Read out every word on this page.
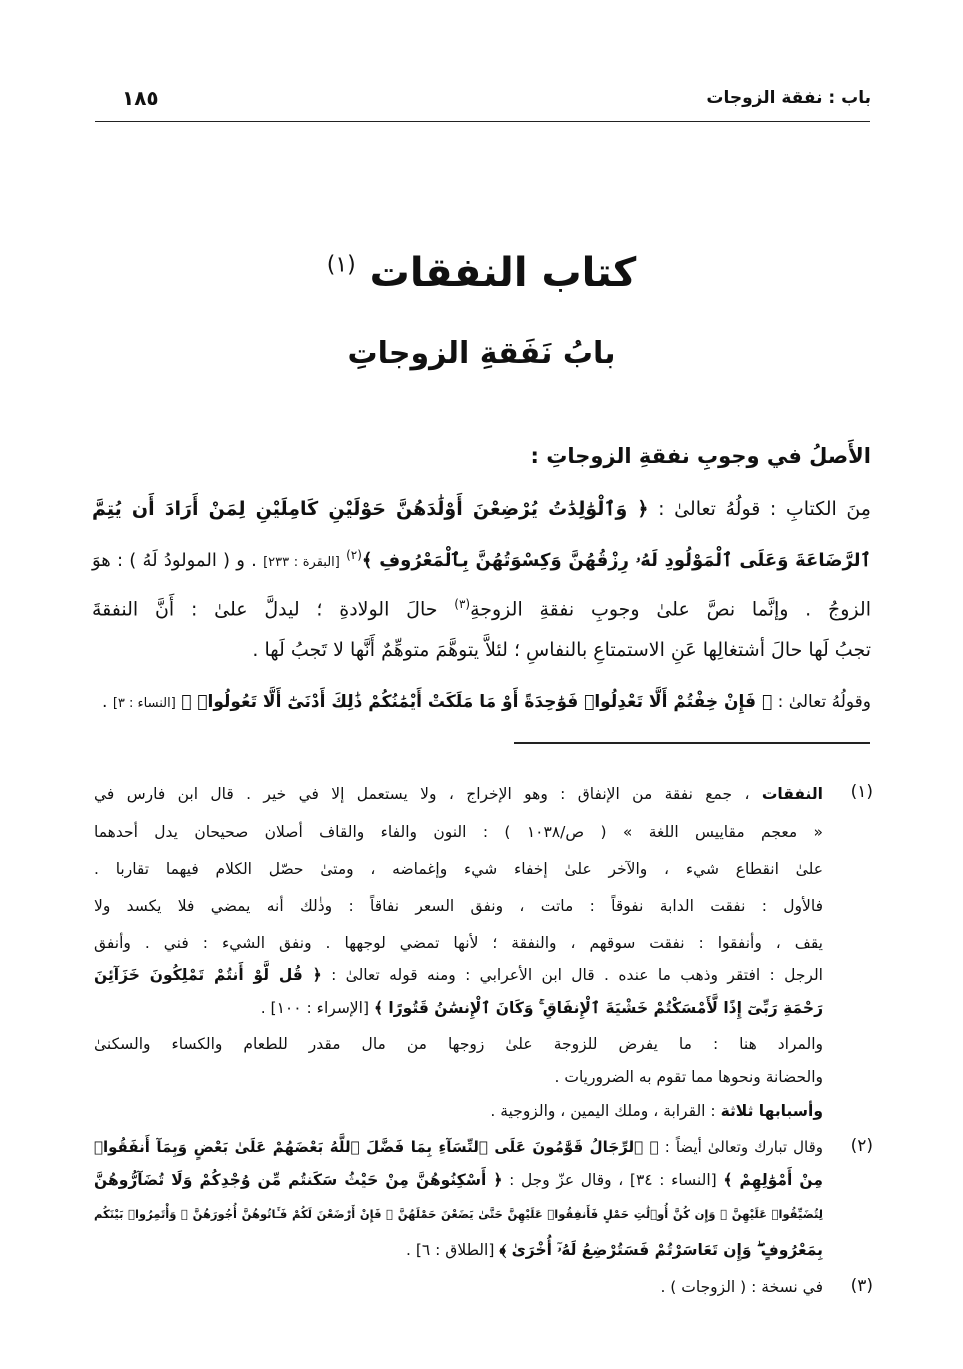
باب : نفقة الزوجات
١٨٥
كتاب النفقات $^{(١)}$
بابُ نَفَقةِ الزوجاتِ
الأَصلُ في وجوبِ نفقةِ الزوجاتِ :
مِنَ الكتابِ : قولُهُ تعالىٰ : ﴿ وَٱلْوَٰلِدَٰتُ يُرْضِعْنَ أَوْلَٰدَهُنَّ حَوْلَيْنِ كَامِلَيْنِ لِمَنْ أَرَادَ أَن يُتِمَّ
ٱلرَّضَاعَةَ وَعَلَى ٱلْمَوْلُودِ لَهُۥ رِزْقُهُنَّ وَكِسْوَتُهُنَّ بِٱلْمَعْرُوفِ ﴾$^{(٢)}$ [البقرة : ٢٣٣] . و ( المولودُ لَهُ ) : هوَ
الزوجُ . وإنَّما نصَّ علىٰ وجوبِ نفقةِ الزوجةِ$^{(٣)}$ حالَ الولادةِ ؛ ليدلَّ علىٰ : أَنَّ النفقةَ
تجبُ لَها حالَ أشتغالِها عَنِ الاستمتاعِ بالنفاسِ ؛ لئلاَّ يتوهَّمَ متوهِّمٌ أَنَّها لا تَجبُ لَها .
وقولُهُ تعالىٰ : ﴿ فَإِنْ خِفْتُمْ أَلَّا تَعْدِلُوا۟ فَوَٰحِدَةً أَوْ مَا مَلَكَتْ أَيْمَٰنُكُمْ ذَٰلِكَ أَدْنَىٰٓ أَلَّا تَعُولُوا۟ ﴾ [النساء : ٣] .
(١)
النفقات ، جمع نفقة من الإنفاق : وهو الإخراج ، ولا يستعمل إلا في خير . قال ابن فارس في
« معجم مقاييس اللغة » ( ص/١٠٣٨ ) : النون والفاء والقاف أصلان صحيحان يدل أحدهما
علىٰ انقطاع شيء ، والآخر علىٰ إخفاء شيء وإغماضه ، ومتىٰ حصّل الكلام فيهما تقاربا .
فالأول : نفقت الدابة نفوقاً : ماتت ، ونفق السعر نفاقاً : وذٰلك أنه يمضي فلا يكسد ولا
يقف ، وأنفقوا : نفقت سوقهم ، والنفقة ؛ لأنها تمضي لوجهها . ونفق الشيء : فني . وأنفق
الرجل : افتقر وذهب ما عنده . قال ابن الأعرابي : ومنه قوله تعالىٰ : ﴿ قُل لَّوْ أَنتُمْ تَمْلِكُونَ خَزَآئِنَ
رَحْمَةِ رَبِّىٓ إِذًا لَّأَمْسَكْتُمْ خَشْيَةَ ٱلْإِنفَاقِ ۚ وَكَانَ ٱلْإِنسَٰنُ قَتُورًا ﴾ [الإسراء : ١٠٠] .
والمراد هنا : ما يفرض للزوجة علىٰ زوجها من مال مقدر للطعام والكساء والسكنىٰ
والحضانة ونحوها مما تقوم به الضروريات .
وأسبابها ثلاثة : القرابة ، وملك اليمين ، والزوجية .
(٢)
وقال تبارك وتعالىٰ أيضاً : ﴿ ٱلرِّجَالُ قَوَّٰمُونَ عَلَى ٱلنِّسَآءِ بِمَا فَضَّلَ ٱللَّهُ بَعْضَهُمْ عَلَىٰ بَعْضٍ وَبِمَآ أَنفَقُوا۟
مِنْ أَمْوَٰلِهِمْ ﴾ [النساء : ٣٤] ، وقال عزّ وجل : ﴿ أَسْكِنُوهُنَّ مِنْ حَيْثُ سَكَنتُم مِّن وُجْدِكُمْ وَلَا تُضَآرُّوهُنَّ
لِتُضَيِّقُوا۟ عَلَيْهِنَّ ۚ وَإِن كُنَّ أُو۟لَٰتِ حَمْلٍ فَأَنفِقُوا۟ عَلَيْهِنَّ حَتَّىٰ يَضَعْنَ حَمْلَهُنَّ ۚ فَإِنْ أَرْضَعْنَ لَكُمْ فَـَٔاتُوهُنَّ أُجُورَهُنَّ ۖ وَأْتَمِرُوا۟ بَيْنَكُم
بِمَعْرُوفٍ ۖ وَإِن تَعَاسَرْتُمْ فَسَتُرْضِعُ لَهُۥٓ أُخْرَىٰ ﴾ [الطلاق : ٦] .
(٣)
في نسخة : ( الزوجات ) .
